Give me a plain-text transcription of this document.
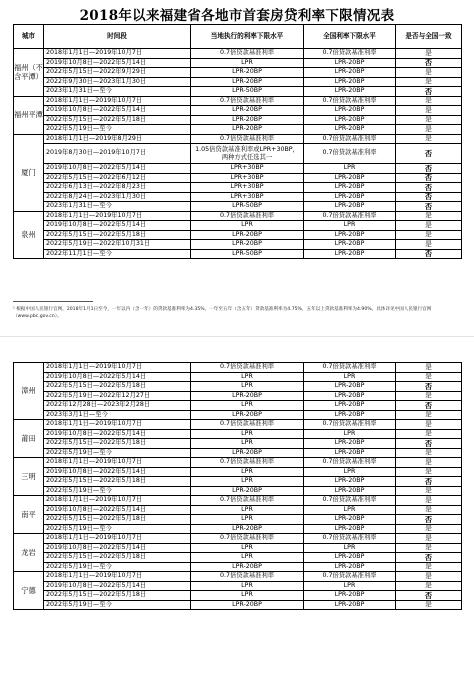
2018年以来福建省各地市首套房贷利率下限情况表
城市	时间段	当地执行的利率下限水平	全国利率下限水平	是否与全国一致
福州（不含平潭）	2018年1月1日—2019年10月7日	0.7倍贷款基准利率	0.7倍贷款基准利率	是
	2019年10月8日—2022年5月14日	LPR	LPR-20BP	否
	2022年5月15日—2022年9月29日	LPR-20BP	LPR-20BP	是
	2022年9月30日—2023年1月30日	LPR-20BP	LPR-20BP	是
	2023年1月31日—至今	LPR-50BP	LPR-20BP	否
福州平潭	2018年1月1日—2019年10月7日	0.7倍贷款基准利率	0.7倍贷款基准利率	是
	2019年10月8日—2022年5月14日	LPR-20BP	LPR-20BP	是
	2022年5月15日—2022年5月18日	LPR-20BP	LPR-20BP	是
	2022年5月19日—至今	LPR-20BP	LPR-20BP	是
厦门	2018年1月1日—2019年8月29日	0.7倍贷款基准利率	0.7倍贷款基准利率	是
	2019年8月30日—2019年10月7日	1.05倍贷款基准利率或LPR+30BP，两种方式任选其一	0.7倍贷款基准利率	否
	2019年10月8日—2022年5月14日	LPR+30BP	LPR	否
	2022年5月15日—2022年6月12日	LPR+30BP	LPR-20BP	否
	2022年6月13日—2022年8月23日	LPR+30BP	LPR-20BP	否
	2022年8月24日—2023年1月30日	LPR+30BP	LPR-20BP	否
	2023年1月31日—至今	LPR-50BP	LPR-20BP	否
泉州	2018年1月1日—2019年10月7日	0.7倍贷款基准利率	0.7倍贷款基准利率	是
	2019年10月8日—2022年5月14日	LPR	LPR	是
	2022年5月15日—2022年5月18日	LPR-20BP	LPR-20BP	是
	2022年5月19日—2022年10月31日	LPR-20BP	LPR-20BP	是
	2022年11月1日—至今	LPR-50BP	LPR-20BP	否
¹ 根据中国人民银行官网，2018年1月1日至今，一年以内（含一年）的贷款基准利率为4.35%，一年至五年（含五年）贷款基准利率为4.75%，五年以上贷款基准利率为4.90%。具体详见中国人民银行官网（www.pbc.gov.cn）。
漳州	2018年1月1日—2019年10月7日	0.7倍贷款基准利率	0.7倍贷款基准利率	是
	2019年10月8日—2022年5月14日	LPR	LPR	是
	2022年5月15日—2022年5月18日	LPR	LPR-20BP	否
	2022年5月19日—2022年12月27日	LPR-20BP	LPR-20BP	是
	2022年12月28日—2023年2月28日	LPR	LPR-20BP	否
	2023年3月1日—至今	LPR-20BP	LPR-20BP	是
莆田	2018年1月1日—2019年10月7日	0.7倍贷款基准利率	0.7倍贷款基准利率	是
	2019年10月8日—2022年5月14日	LPR	LPR	是
	2022年5月15日—2022年5月18日	LPR	LPR-20BP	否
	2022年5月19日—至今	LPR-20BP	LPR-20BP	是
三明	2018年1月1日—2019年10月7日	0.7倍贷款基准利率	0.7倍贷款基准利率	是
	2019年10月8日—2022年5月14日	LPR	LPR	是
	2022年5月15日—2022年5月18日	LPR	LPR-20BP	否
	2022年5月19日—至今	LPR-20BP	LPR-20BP	是
南平	2018年1月1日—2019年10月7日	0.7倍贷款基准利率	0.7倍贷款基准利率	是
	2019年10月8日—2022年5月14日	LPR	LPR	是
	2022年5月15日—2022年5月18日	LPR	LPR-20BP	否
	2022年5月19日—至今	LPR-20BP	LPR-20BP	是
龙岩	2018年1月1日—2019年10月7日	0.7倍贷款基准利率	0.7倍贷款基准利率	是
	2019年10月8日—2022年5月14日	LPR	LPR	是
	2022年5月15日—2022年5月18日	LPR	LPR-20BP	否
	2022年5月19日—至今	LPR-20BP	LPR-20BP	是
宁德	2018年1月1日—2019年10月7日	0.7倍贷款基准利率	0.7倍贷款基准利率	是
	2019年10月8日—2022年5月14日	LPR	LPR	是
	2022年5月15日—2022年5月18日	LPR	LPR-20BP	否
	2022年5月19日—至今	LPR-20BP	LPR-20BP	是
